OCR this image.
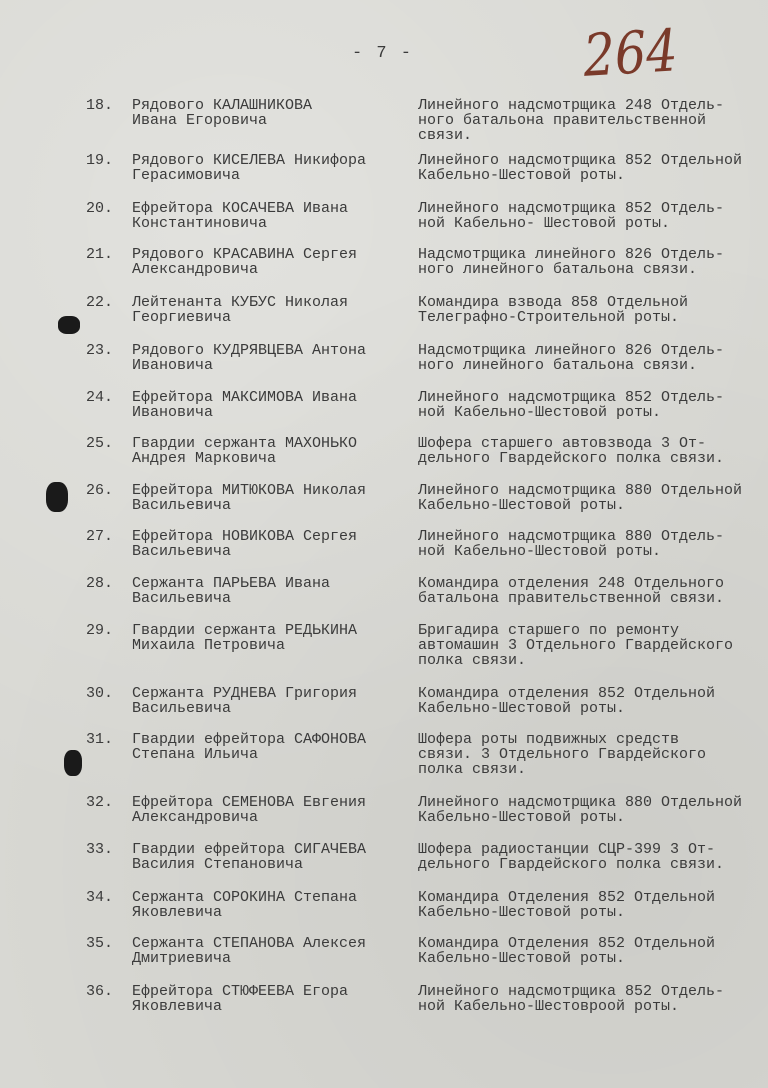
- 7 -	264
18. Рядового КАЛАШНИКОВА
Ивана Егоровича
Линейного надсмотрщика 248 Отдель-
ного батальона правительственной
связи.
19. Рядового КИСЕЛЕВА Никифора
Герасимовича
Линейного надсмотрщика 852 Отдельной
Кабельно-Шестовой роты.
20. Ефрейтора КОСАЧЕВА Ивана
Константиновича
Линейного надсмотрщика 852 Отдель-
ной Кабельно- Шестовой роты.
21. Рядового КРАСАВИНА Сергея
Александровича
Надсмотрщика линейного 826 Отдель-
ного линейного батальона связи.
22. Лейтенанта КУБУС Николая
Георгиевича
Командира взвода 858 Отдельной
Телеграфно-Строительной роты.
23. Рядового КУДРЯВЦЕВА Антона
Ивановича
Надсмотрщика линейного 826 Отдель-
ного линейного батальона связи.
24. Ефрейтора МАКСИМОВА Ивана
Ивановича
Линейного надсмотрщика 852 Отдель-
ной Кабельно-Шестовой роты.
25. Гвардии сержанта МАХОНЬКО
Андрея Марковича
Шофера старшего автовзвода 3 От-
дельного Гвардейского полка связи.
26. Ефрейтора МИТЮКОВА Николая
Васильевича
Линейного надсмотрщика 880 Отдельной
Кабельно-Шестовой роты.
27. Ефрейтора НОВИКОВА Сергея
Васильевича
Линейного надсмотрщика 880 Отдель-
ной Кабельно-Шестовой роты.
28. Сержанта ПАРЬЕВА Ивана
Васильевича
Командира отделения 248 Отдельного
батальона правительственной связи.
29. Гвардии сержанта РЕДЬКИНА
Михаила Петровича
Бригадира старшего по ремонту
автомашин 3 Отдельного Гвардейского
полка связи.
30. Сержанта РУДНЕВА Григория
Васильевича
Командира отделения 852 Отдельной
Кабельно-Шестовой роты.
31. Гвардии ефрейтора САФОНОВА
Степана Ильича
Шофера роты подвижных средств
связи. 3 Отдельного Гвардейского
полка связи.
32. Ефрейтора СЕМЕНОВА Евгения
Александровича
Линейного надсмотрщика 880 Отдельной
Кабельно-Шестовой роты.
33. Гвардии ефрейтора СИГАЧЕВА
Василия Степановича
Шофера радиостанции СЦР-399 3 От-
дельного Гвардейского полка связи.
34. Сержанта СОРОКИНА Степана
Яковлевича
Командира Отделения 852 Отдельной
Кабельно-Шестовой роты.
35. Сержанта СТЕПАНОВА Алексея
Дмитриевича
Командира Отделения 852 Отдельной
Кабельно-Шестовой роты.
36. Ефрейтора СТЮФЕЕВА Егора
Яковлевича
Линейного надсмотрщика 852 Отдель-
ной Кабельно-Шестовроой роты.
